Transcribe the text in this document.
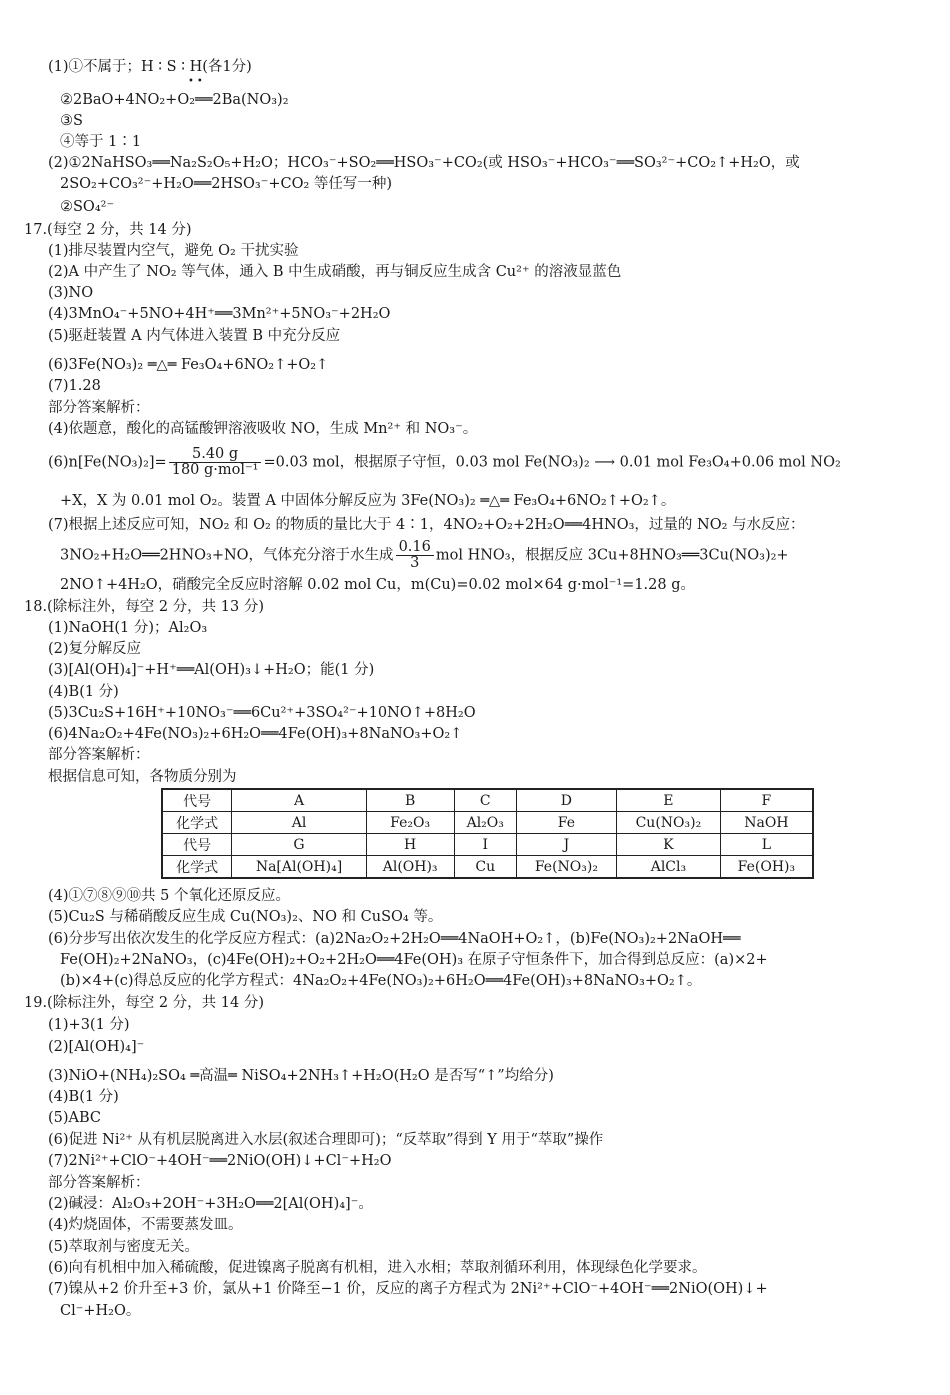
(1)①不属于；H ∶ S ∶ H(各1分)
••
②2BaO+4NO₂+O₂══2Ba(NO₃)₂
③S
④等于 1∶1
(2)①2NaHSO₃══Na₂S₂O₅+H₂O；HCO₃⁻+SO₂══HSO₃⁻+CO₂(或 HSO₃⁻+HCO₃⁻══SO₃²⁻+CO₂↑+H₂O，或
2SO₂+CO₃²⁻+H₂O══2HSO₃⁻+CO₂ 等任写一种)
②SO₄²⁻
17.(每空 2 分，共 14 分)
(1)排尽装置内空气，避免 O₂ 干扰实验
(2)A 中产生了 NO₂ 等气体，通入 B 中生成硝酸，再与铜反应生成含 Cu²⁺ 的溶液显蓝色
(3)NO
(4)3MnO₄⁻+5NO+4H⁺══3Mn²⁺+5NO₃⁻+2H₂O
(5)驱赶装置 A 内气体进入装置 B 中充分反应
(6)3Fe(NO₃)₂ ═△═ Fe₃O₄+6NO₂↑+O₂↑
(7)1.28
部分答案解析：
(4)依题意，酸化的高锰酸钾溶液吸收 NO，生成 Mn²⁺ 和 NO₃⁻。
$(6)n[Fe(NO_3)_2]= \frac{5.40 g}{\text{180 g·mol⁻¹}} =0.03$ mol，根据原子守恒，0.03 mol Fe(NO₃)₂ ⟶ 0.01 mol Fe₃O₄+0.06 mol NO₂
+X，X 为 0.01 mol O₂。装置 A 中固体分解反应为 3Fe(NO₃)₂ ═△═ Fe₃O₄+6NO₂↑+O₂↑。
(7)根据上述反应可知，NO₂ 和 O₂ 的物质的量比大于 4∶1，4NO₂+O₂+2H₂O══4HNO₃，过量的 NO₂ 与水反应：
3NO₂+H₂O══2HNO₃+NO，气体充分溶于水生成 $\frac{0.16}{3}$ mol HNO₃，根据反应 3Cu+8HNO₃══3Cu(NO₃)₂+
2NO↑+4H₂O，硝酸完全反应时溶解 0.02 mol Cu，m(Cu)=0.02 mol×64 g·mol⁻¹=1.28 g。
18.(除标注外，每空 2 分，共 13 分)
(1)NaOH(1 分)；Al₂O₃
(2)复分解反应
(3)[Al(OH)₄]⁻+H⁺══Al(OH)₃↓+H₂O；能(1 分)
(4)B(1 分)
(5)3Cu₂S+16H⁺+10NO₃⁻══6Cu²⁺+3SO₄²⁻+10NO↑+8H₂O
(6)4Na₂O₂+4Fe(NO₃)₂+6H₂O══4Fe(OH)₃+8NaNO₃+O₂↑
部分答案解析：
根据信息可知，各物质分别为
代号	A	B	C	D	E	F
化学式	Al	Fe₂O₃	Al₂O₃	Fe	Cu(NO₃)₂	NaOH
代号	G	H	I	J	K	L
化学式	Na[Al(OH)₄]	Al(OH)₃	Cu	Fe(NO₃)₂	AlCl₃	Fe(OH)₃
(4)①⑦⑧⑨⑩共 5 个氧化还原反应。
(5)Cu₂S 与稀硝酸反应生成 Cu(NO₃)₂、NO 和 CuSO₄ 等。
(6)分步写出依次发生的化学反应方程式：(a)2Na₂O₂+2H₂O══4NaOH+O₂↑，(b)Fe(NO₃)₂+2NaOH══
Fe(OH)₂+2NaNO₃，(c)4Fe(OH)₂+O₂+2H₂O══4Fe(OH)₃ 在原子守恒条件下，加合得到总反应：(a)×2+
(b)×4+(c)得总反应的化学方程式：4Na₂O₂+4Fe(NO₃)₂+6H₂O══4Fe(OH)₃+8NaNO₃+O₂↑。
19.(除标注外，每空 2 分，共 14 分)
(1)+3(1 分)
(2)[Al(OH)₄]⁻
(3)NiO+(NH₄)₂SO₄ ═高温═ NiSO₄+2NH₃↑+H₂O(H₂O 是否写“↑”均给分)
(4)B(1 分)
(5)ABC
(6)促进 Ni²⁺ 从有机层脱离进入水层(叙述合理即可)；“反萃取”得到 Y 用于“萃取”操作
(7)2Ni²⁺+ClO⁻+4OH⁻══2NiO(OH)↓+Cl⁻+H₂O
部分答案解析：
(2)碱浸：Al₂O₃+2OH⁻+3H₂O══2[Al(OH)₄]⁻。
(4)灼烧固体，不需要蒸发皿。
(5)萃取剂与密度无关。
(6)向有机相中加入稀硫酸，促进镍离子脱离有机相，进入水相；萃取剂循环利用，体现绿色化学要求。
(7)镍从+2 价升至+3 价，氯从+1 价降至−1 价，反应的离子方程式为 2Ni²⁺+ClO⁻+4OH⁻══2NiO(OH)↓+
Cl⁻+H₂O。
